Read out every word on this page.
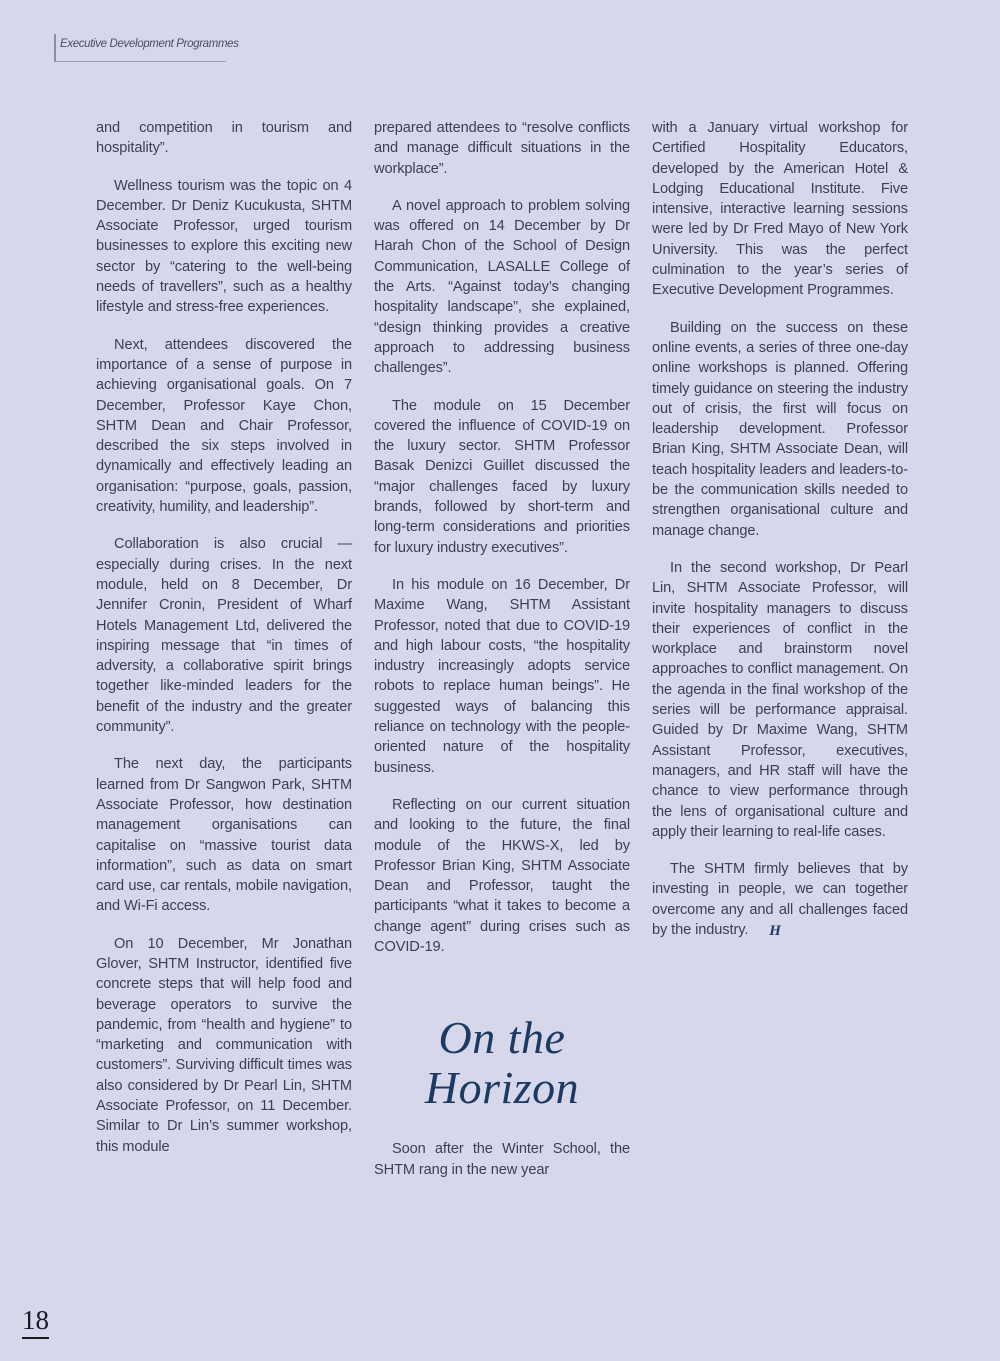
Executive Development Programmes

and competition in tourism and hospitality”.

Wellness tourism was the topic on 4 December. Dr Deniz Kucukusta, SHTM Associate Professor, urged tourism businesses to explore this exciting new sector by “catering to the well-being needs of travellers”, such as a healthy lifestyle and stress-free experiences.

Next, attendees discovered the importance of a sense of purpose in achieving organisational goals. On 7 December, Professor Kaye Chon, SHTM Dean and Chair Professor, described the six steps involved in dynamically and effectively leading an organisation: “purpose, goals, passion, creativity, humility, and leadership”.

Collaboration is also crucial — especially during crises. In the next module, held on 8 December, Dr Jennifer Cronin, President of Wharf Hotels Management Ltd, delivered the inspiring message that “in times of adversity, a collaborative spirit brings together like-minded leaders for the benefit of the industry and the greater community”.

The next day, the participants learned from Dr Sangwon Park, SHTM Associate Professor, how destination management organisations can capitalise on “massive tourist data information”, such as data on smart card use, car rentals, mobile navigation, and Wi-Fi access.

On 10 December, Mr Jonathan Glover, SHTM Instructor, identified five concrete steps that will help food and beverage operators to survive the pandemic, from “health and hygiene” to “marketing and communication with customers”. Surviving difficult times was also considered by Dr Pearl Lin, SHTM Associate Professor, on 11 December. Similar to Dr Lin’s summer workshop, this module

prepared attendees to “resolve conflicts and manage difficult situations in the workplace”.

A novel approach to problem solving was offered on 14 December by Dr Harah Chon of the School of Design Communication, LASALLE College of the Arts. “Against today’s changing hospitality landscape”, she explained, “design thinking provides a creative approach to addressing business challenges”.

The module on 15 December covered the influence of COVID-19 on the luxury sector. SHTM Professor Basak Denizci Guillet discussed the “major challenges faced by luxury brands, followed by short-term and long-term considerations and priorities for luxury industry executives”.

In his module on 16 December, Dr Maxime Wang, SHTM Assistant Professor, noted that due to COVID-19 and high labour costs, “the hospitality industry increasingly adopts service robots to replace human beings”. He suggested ways of balancing this reliance on technology with the people-oriented nature of the hospitality business.

Reflecting on our current situation and looking to the future, the final module of the HKWS-X, led by Professor Brian King, SHTM Associate Dean and Professor, taught the participants “what it takes to become a change agent” during crises such as COVID-19.

On the
Horizon

Soon after the Winter School, the SHTM rang in the new year

with a January virtual workshop for Certified Hospitality Educators, developed by the American Hotel & Lodging Educational Institute. Five intensive, interactive learning sessions were led by Dr Fred Mayo of New York University. This was the perfect culmination to the year’s series of Executive Development Programmes.

Building on the success on these online events, a series of three one-day online workshops is planned. Offering timely guidance on steering the industry out of crisis, the first will focus on leadership development. Professor Brian King, SHTM Associate Dean, will teach hospitality leaders and leaders-to-be the communication skills needed to strengthen organisational culture and manage change.

In the second workshop, Dr Pearl Lin, SHTM Associate Professor, will invite hospitality managers to discuss their experiences of conflict in the workplace and brainstorm novel approaches to conflict management. On the agenda in the final workshop of the series will be performance appraisal. Guided by Dr Maxime Wang, SHTM Assistant Professor, executives, managers, and HR staff will have the chance to view performance through the lens of organisational culture and apply their learning to real-life cases.

The SHTM firmly believes that by investing in people, we can together overcome any and all challenges faced by the industry. H

18
